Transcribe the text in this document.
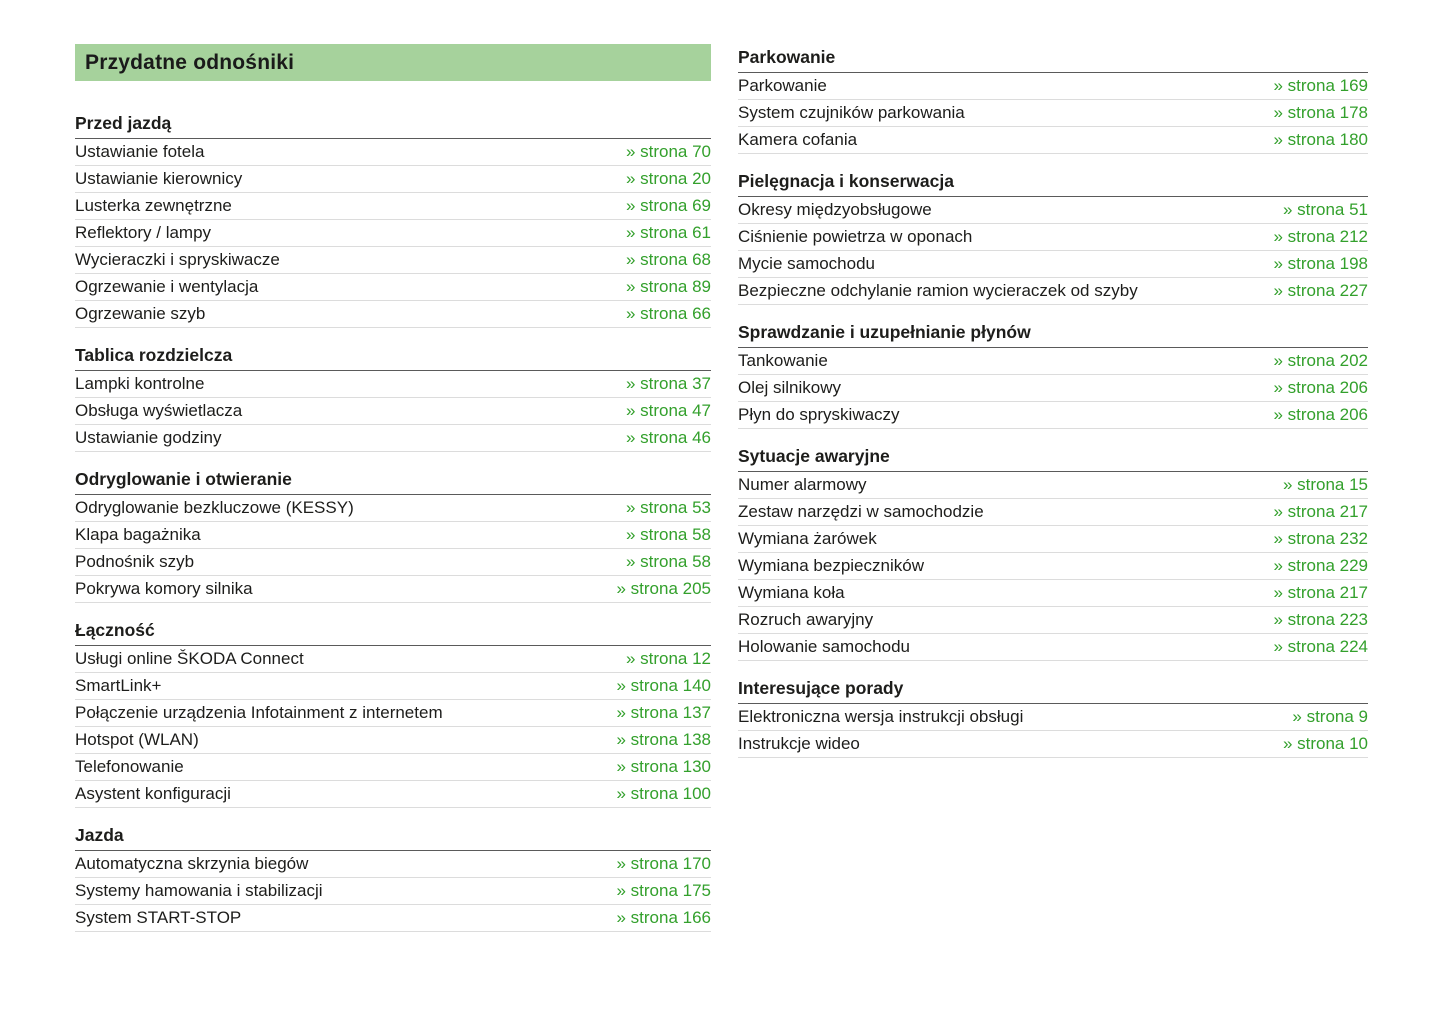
Przydatne odnośniki
Przed jazdą
Ustawianie fotela	» strona 70
Ustawianie kierownicy	» strona 20
Lusterka zewnętrzne	» strona 69
Reflektory / lampy	» strona 61
Wycieraczki i spryskiwacze	» strona 68
Ogrzewanie i wentylacja	» strona 89
Ogrzewanie szyb	» strona 66
Tablica rozdzielcza
Lampki kontrolne	» strona 37
Obsługa wyświetlacza	» strona 47
Ustawianie godziny	» strona 46
Odryglowanie i otwieranie
Odryglowanie bezkluczowe (KESSY)	» strona 53
Klapa bagażnika	» strona 58
Podnośnik szyb	» strona 58
Pokrywa komory silnika	» strona 205
Łączność
Usługi online ŠKODA Connect	» strona 12
SmartLink+	» strona 140
Połączenie urządzenia Infotainment z internetem	» strona 137
Hotspot (WLAN)	» strona 138
Telefonowanie	» strona 130
Asystent konfiguracji	» strona 100
Jazda
Automatyczna skrzynia biegów	» strona 170
Systemy hamowania i stabilizacji	» strona 175
System START-STOP	» strona 166
Parkowanie
Parkowanie	» strona 169
System czujników parkowania	» strona 178
Kamera cofania	» strona 180
Pielęgnacja i konserwacja
Okresy międzyobsługowe	» strona 51
Ciśnienie powietrza w oponach	» strona 212
Mycie samochodu	» strona 198
Bezpieczne odchylanie ramion wycieraczek od szyby	» strona 227
Sprawdzanie i uzupełnianie płynów
Tankowanie	» strona 202
Olej silnikowy	» strona 206
Płyn do spryskiwaczy	» strona 206
Sytuacje awaryjne
Numer alarmowy	» strona 15
Zestaw narzędzi w samochodzie	» strona 217
Wymiana żarówek	» strona 232
Wymiana bezpieczników	» strona 229
Wymiana koła	» strona 217
Rozruch awaryjny	» strona 223
Holowanie samochodu	» strona 224
Interesujące porady
Elektroniczna wersja instrukcji obsługi	» strona 9
Instrukcje wideo	» strona 10
